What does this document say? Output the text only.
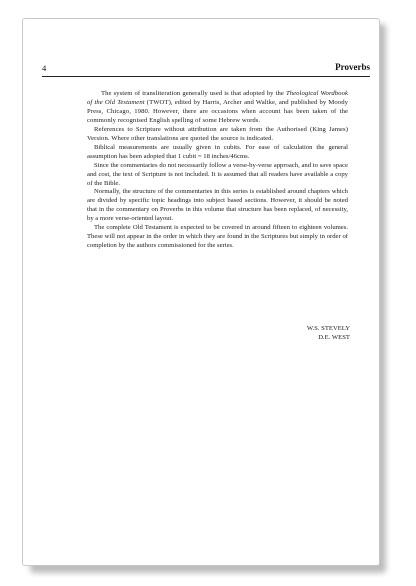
4	Proverbs

The system of transliteration generally used is that adopted by the Theological Wordbook of the Old Testament (TWOT), edited by Harris, Archer and Waltke, and published by Moody Press, Chicago, 1980. However, there are occasions when account has been taken of the commonly recognised English spelling of some Hebrew words.

References to Scripture without attribution are taken from the Authorised (King James) Version. Where other translations are quoted the source is indicated.

Biblical measurements are usually given in cubits. For ease of calculation the general assumption has been adopted that 1 cubit = 18 inches/46cms.

Since the commentaries do not necessarily follow a verse-by-verse approach, and to save space and cost, the text of Scripture is not included. It is assumed that all readers have available a copy of the Bible.

Normally, the structure of the commentaries in this series is established around chapters which are divided by specific topic headings into subject based sections. However, it should be noted that in the commentary on Proverbs in this volume that structure has been replaced, of necessity, by a more verse-oriented layout.

The complete Old Testament is expected to be covered in around fifteen to eighteen volumes. These will not appear in the order in which they are found in the Scriptures but simply in order of completion by the authors commissioned for the series.

W.S. STEVELY
D.E. WEST
